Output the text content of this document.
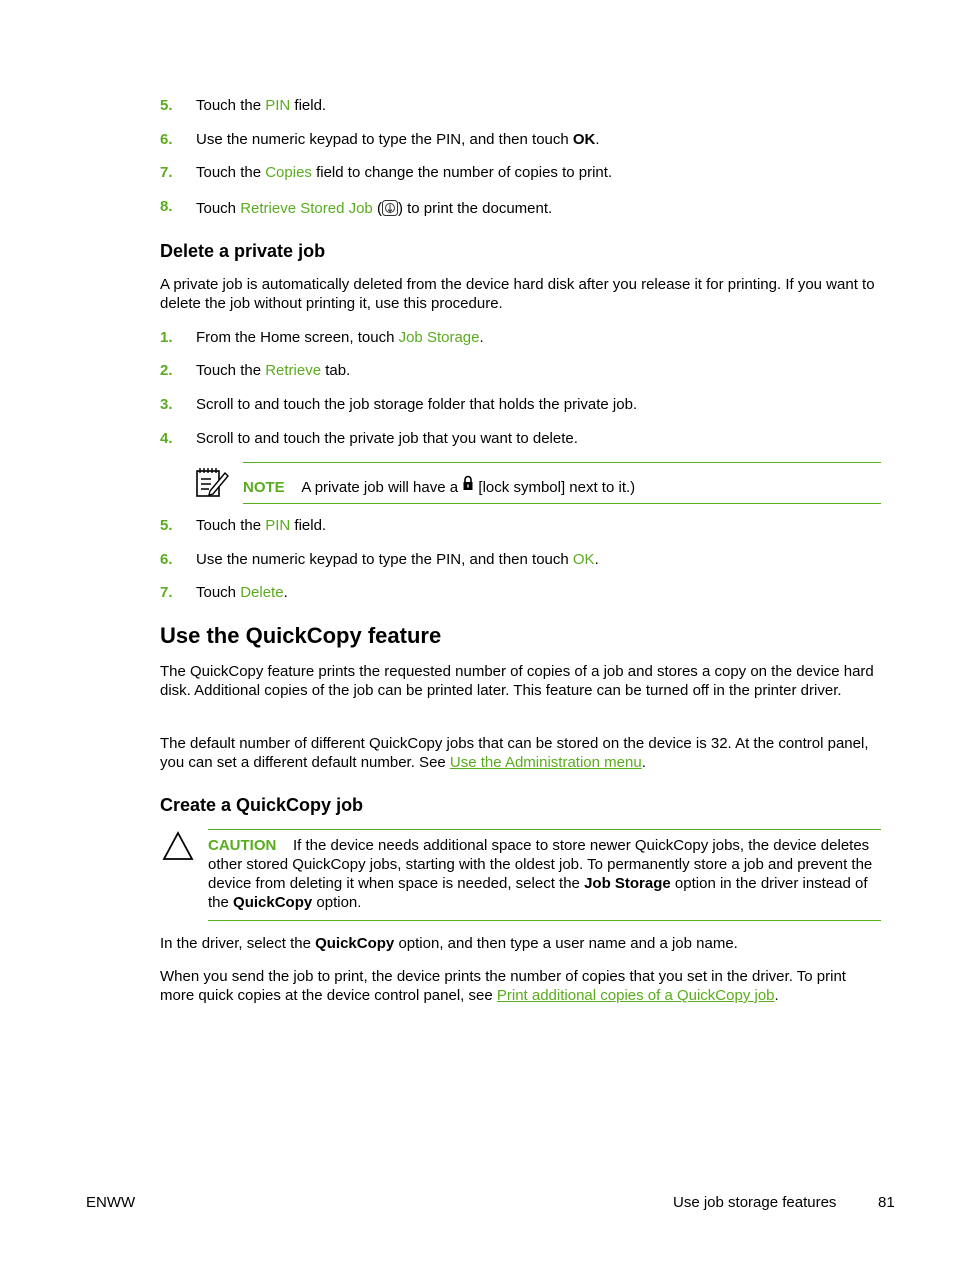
5. Touch the PIN field.
6. Use the numeric keypad to type the PIN, and then touch OK.
7. Touch the Copies field to change the number of copies to print.
8. Touch Retrieve Stored Job ( ) to print the document.
Delete a private job
A private job is automatically deleted from the device hard disk after you release it for printing. If you want to delete the job without printing it, use this procedure.
1. From the Home screen, touch Job Storage.
2. Touch the Retrieve tab.
3. Scroll to and touch the job storage folder that holds the private job.
4. Scroll to and touch the private job that you want to delete.
NOTE A private job will have a  [lock symbol] next to it.)
5. Touch the PIN field.
6. Use the numeric keypad to type the PIN, and then touch OK.
7. Touch Delete.
Use the QuickCopy feature
The QuickCopy feature prints the requested number of copies of a job and stores a copy on the device hard disk. Additional copies of the job can be printed later. This feature can be turned off in the printer driver.
The default number of different QuickCopy jobs that can be stored on the device is 32. At the control panel, you can set a different default number. See Use the Administration menu.
Create a QuickCopy job
CAUTION If the device needs additional space to store newer QuickCopy jobs, the device deletes other stored QuickCopy jobs, starting with the oldest job. To permanently store a job and prevent the device from deleting it when space is needed, select the Job Storage option in the driver instead of the QuickCopy option.
In the driver, select the QuickCopy option, and then type a user name and a job name.
When you send the job to print, the device prints the number of copies that you set in the driver. To print more quick copies at the device control panel, see Print additional copies of a QuickCopy job.
ENWW	Use job storage features	81
